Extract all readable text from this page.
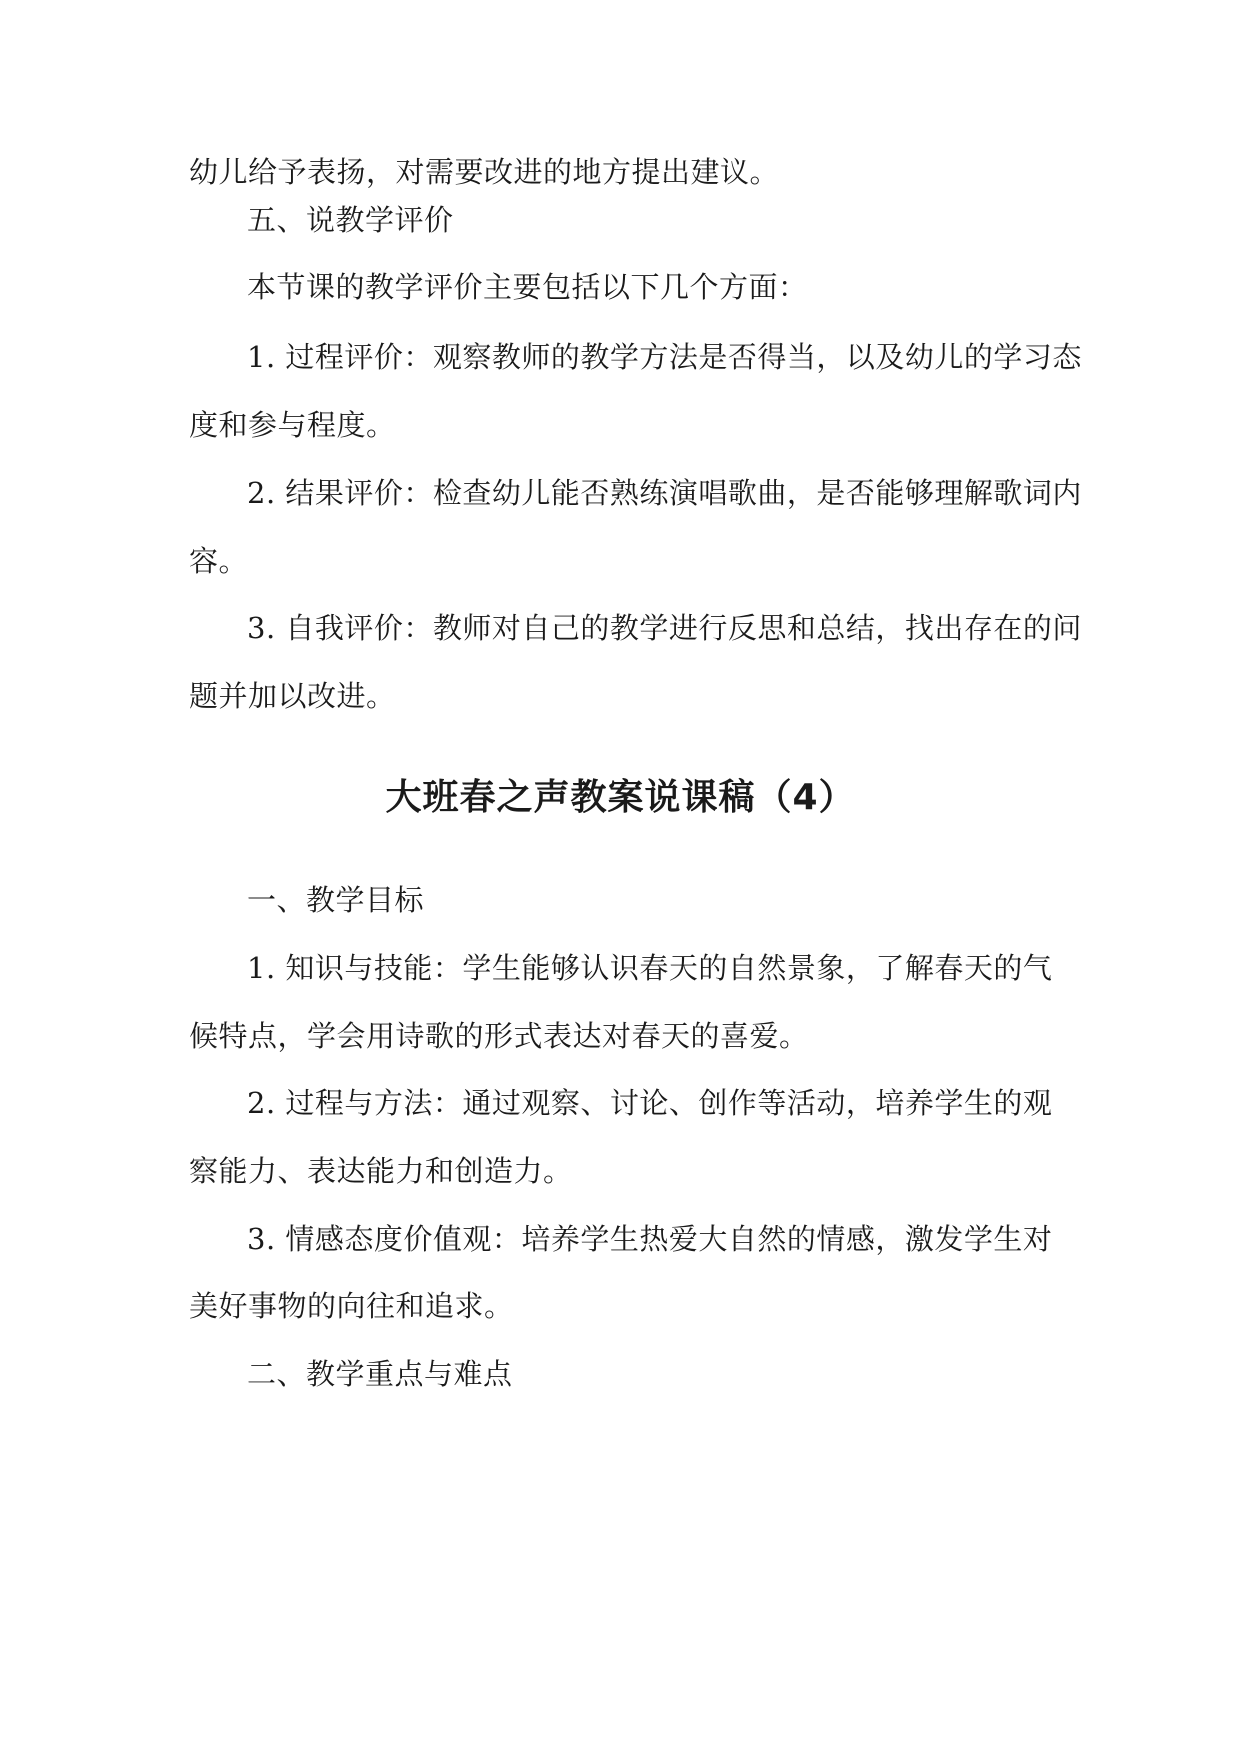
幼儿给予表扬，对需要改进的地方提出建议。
五、说教学评价
本节课的教学评价主要包括以下几个方面：
1. 过程评价：观察教师的教学方法是否得当，以及幼儿的学习态
度和参与程度。
2. 结果评价：检查幼儿能否熟练演唱歌曲，是否能够理解歌词内
容。
3. 自我评价：教师对自己的教学进行反思和总结，找出存在的问
题并加以改进。
大班春之声教案说课稿（4）
一、教学目标
1. 知识与技能：学生能够认识春天的自然景象，了解春天的气
候特点，学会用诗歌的形式表达对春天的喜爱。
2. 过程与方法：通过观察、讨论、创作等活动，培养学生的观
察能力、表达能力和创造力。
3. 情感态度价值观：培养学生热爱大自然的情感，激发学生对
美好事物的向往和追求。
二、教学重点与难点
